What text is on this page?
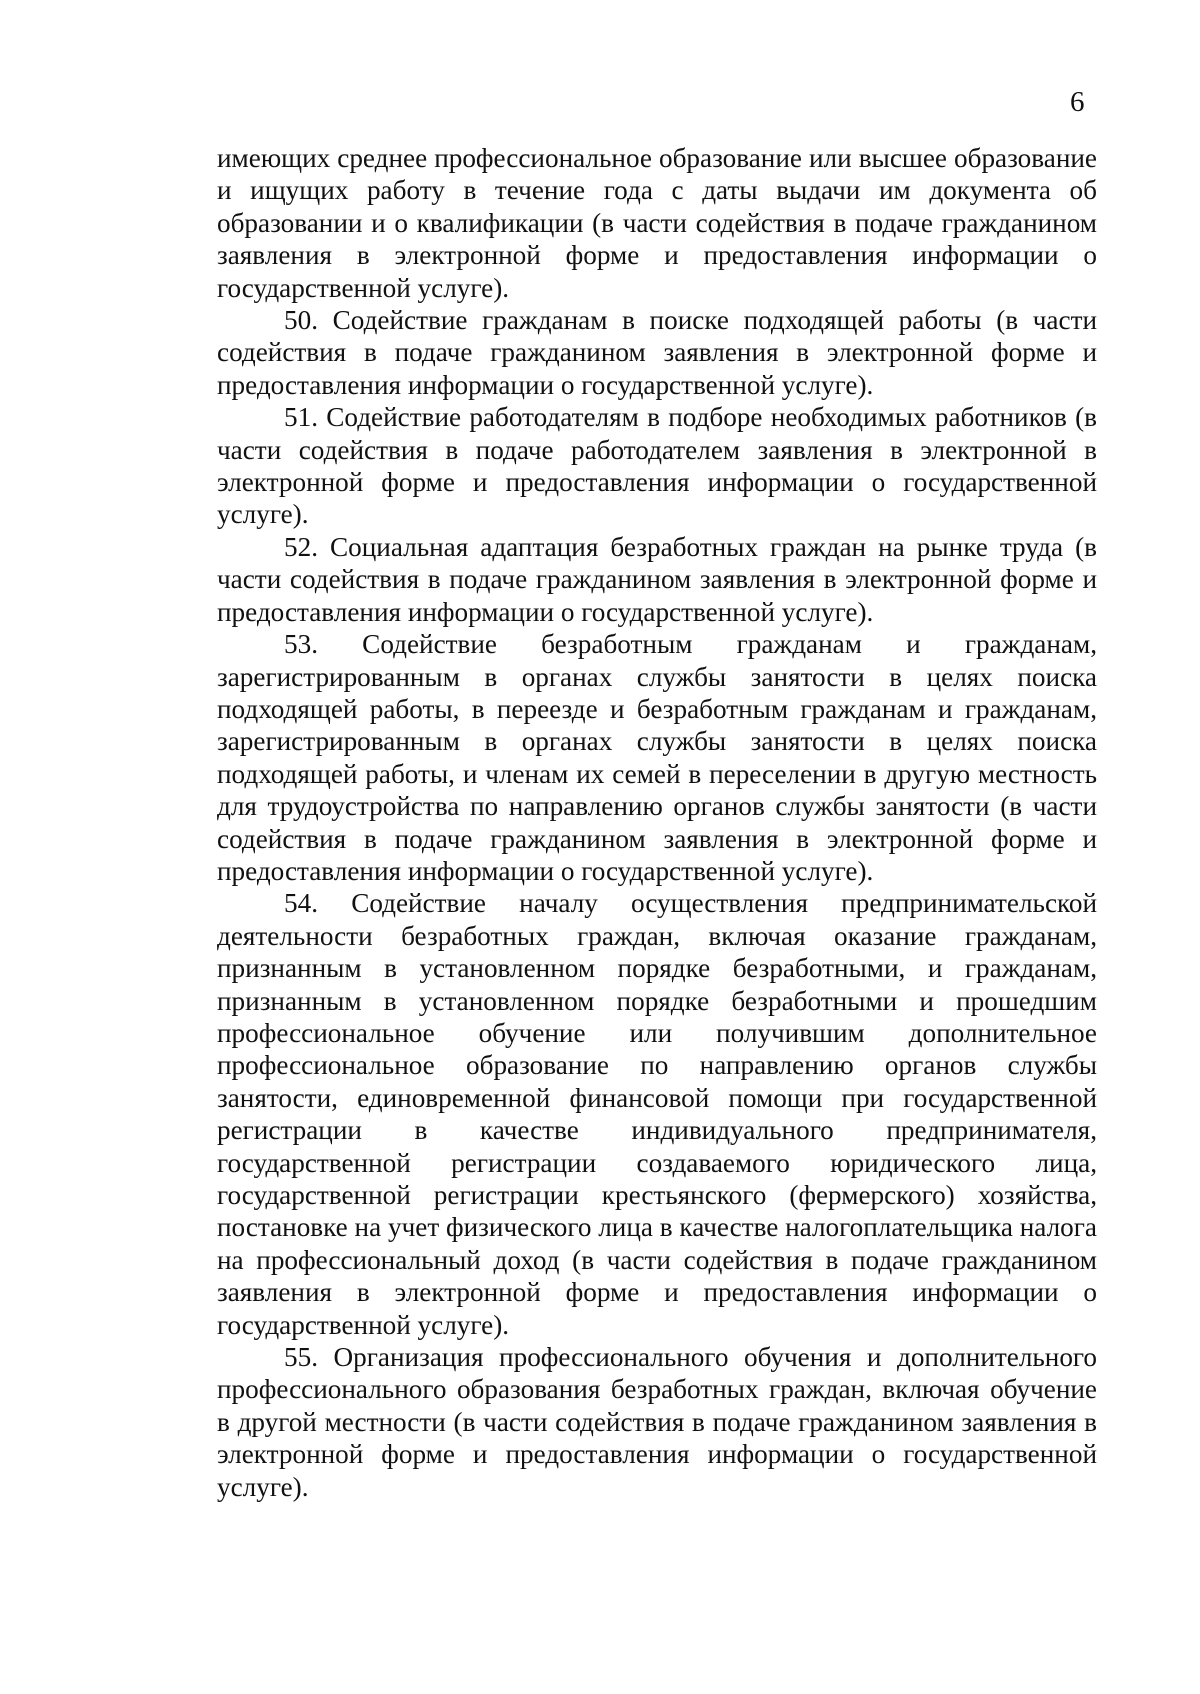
6

имеющих среднее профессиональное образование или высшее образование и ищущих работу в течение года с даты выдачи им документа об образовании и о квалификации (в части содействия в подаче гражданином заявления в электронной форме и предоставления информации о государственной услуге).

50. Содействие гражданам в поиске подходящей работы (в части содействия в подаче гражданином заявления в электронной форме и предоставления информации о государственной услуге).

51. Содействие работодателям в подборе необходимых работников (в части содействия в подаче работодателем заявления в электронной в электронной форме и предоставления информации о государственной услуге).

52. Социальная адаптация безработных граждан на рынке труда (в части содействия в подаче гражданином заявления в электронной форме и предоставления информации о государственной услуге).

53. Содействие безработным гражданам и гражданам, зарегистрированным в органах службы занятости в целях поиска подходящей работы, в переезде и безработным гражданам и гражданам, зарегистрированным в органах службы занятости в целях поиска подходящей работы, и членам их семей в переселении в другую местность для трудоустройства по направлению органов службы занятости (в части содействия в подаче гражданином заявления в электронной форме и предоставления информации о государственной услуге).

54. Содействие началу осуществления предпринимательской деятельности безработных граждан, включая оказание гражданам, признанным в установленном порядке безработными, и гражданам, признанным в установленном порядке безработными и прошедшим профессиональное обучение или получившим дополнительное профессиональное образование по направлению органов службы занятости, единовременной финансовой помощи при государственной регистрации в качестве индивидуального предпринимателя, государственной регистрации создаваемого юридического лица, государственной регистрации крестьянского (фермерского) хозяйства, постановке на учет физического лица в качестве налогоплательщика налога на профессиональный доход (в части содействия в подаче гражданином заявления в электронной форме и предоставления информации о государственной услуге).

55. Организация профессионального обучения и дополнительного профессионального образования безработных граждан, включая обучение в другой местности (в части содействия в подаче гражданином заявления в электронной форме и предоставления информации о государственной услуге).
